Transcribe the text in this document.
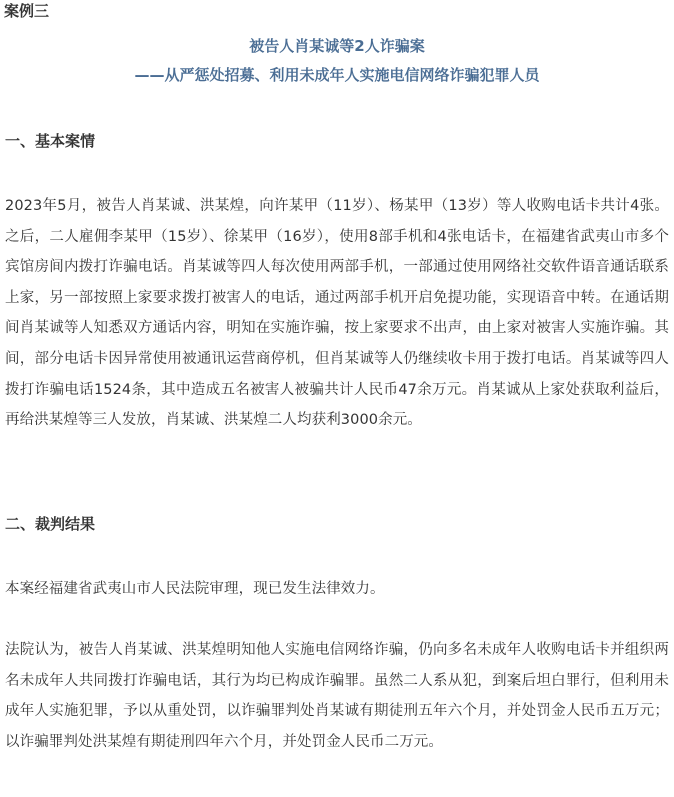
案例三
被告人肖某诚等2人诈骗案
——从严惩处招募、利用未成年人实施电信网络诈骗犯罪人员
一、基本案情
2023年5月，被告人肖某诚、洪某煌，向许某甲（11岁）、杨某甲（13岁）等人收购电话卡共计4张。之后，二人雇佣李某甲（15岁）、徐某甲（16岁），使用8部手机和4张电话卡，在福建省武夷山市多个宾馆房间内拨打诈骗电话。肖某诚等四人每次使用两部手机，一部通过使用网络社交软件语音通话联系上家，另一部按照上家要求拨打被害人的电话，通过两部手机开启免提功能，实现语音中转。在通话期间肖某诚等人知悉双方通话内容，明知在实施诈骗，按上家要求不出声，由上家对被害人实施诈骗。其间，部分电话卡因异常使用被通讯运营商停机，但肖某诚等人仍继续收卡用于拨打电话。肖某诚等四人拨打诈骗电话1524条，其中造成五名被害人被骗共计人民币47余万元。肖某诚从上家处获取利益后，再给洪某煌等三人发放，肖某诚、洪某煌二人均获利3000余元。
二、裁判结果
本案经福建省武夷山市人民法院审理，现已发生法律效力。
法院认为，被告人肖某诚、洪某煌明知他人实施电信网络诈骗，仍向多名未成年人收购电话卡并组织两名未成年人共同拨打诈骗电话，其行为均已构成诈骗罪。虽然二人系从犯，到案后坦白罪行，但利用未成年人实施犯罪，予以从重处罚，以诈骗罪判处肖某诚有期徒刑五年六个月，并处罚金人民币五万元；以诈骗罪判处洪某煌有期徒刑四年六个月，并处罚金人民币二万元。
